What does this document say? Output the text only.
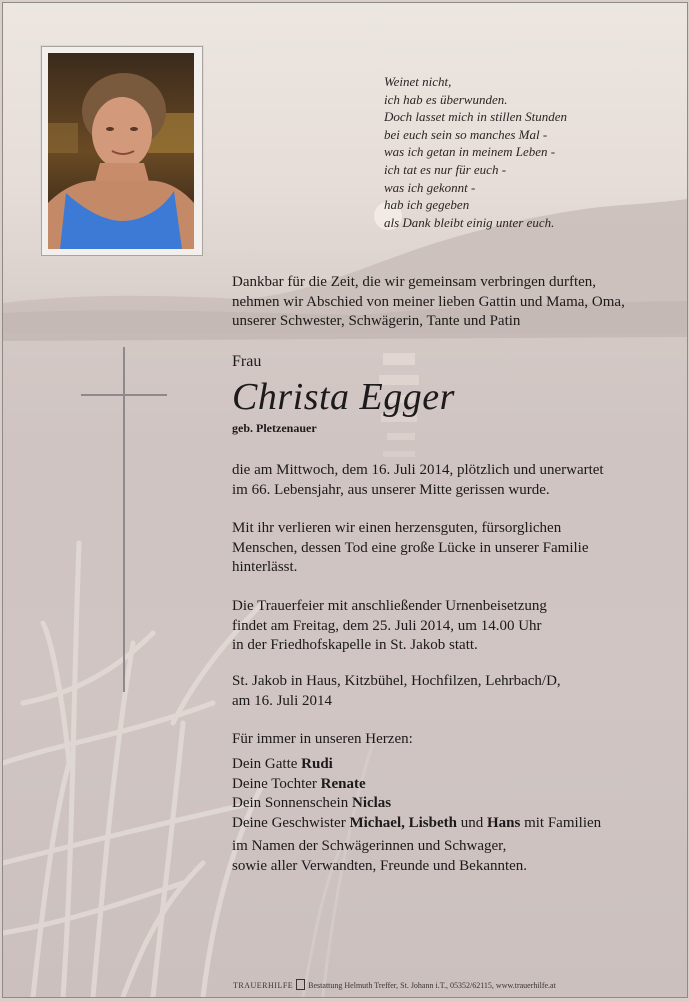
Weinet nicht,
ich hab es überwunden.
Doch lasset mich in stillen Stunden
bei euch sein so manches Mal -
was ich getan in meinem Leben -
ich tat es nur für euch -
was ich gekonnt -
hab ich gegeben
als Dank bleibt einig unter euch.
Dankbar für die Zeit, die wir gemeinsam verbringen durften,
nehmen wir Abschied von meiner lieben Gattin und Mama, Oma,
unserer Schwester, Schwägerin, Tante und Patin
Frau
Christa Egger
geb. Pletzenauer
die am Mittwoch, dem 16. Juli 2014, plötzlich und unerwartet
im 66. Lebensjahr, aus unserer Mitte gerissen wurde.
Mit ihr verlieren wir einen herzensguten, fürsorglichen
Menschen, dessen Tod eine große Lücke in unserer Familie
hinterlässt.
Die Trauerfeier mit anschließender Urnenbeisetzung
findet am Freitag, dem 25. Juli 2014, um 14.00 Uhr
in der Friedhofskapelle in St. Jakob statt.
St. Jakob in Haus, Kitzbühel, Hochfilzen, Lehrbach/D,
am 16. Juli 2014
Für immer in unseren Herzen:
Dein Gatte Rudi
Deine Tochter Renate
Dein Sonnenschein Niclas
Deine Geschwister Michael, Lisbeth und Hans mit Familien
im Namen der Schwägerinnen und Schwager,
sowie aller Verwandten, Freunde und Bekannten.
TRAUERHILFE Bestattung Helmuth Treffer, St. Johann i.T., 05352/62115, www.trauerhilfe.at
